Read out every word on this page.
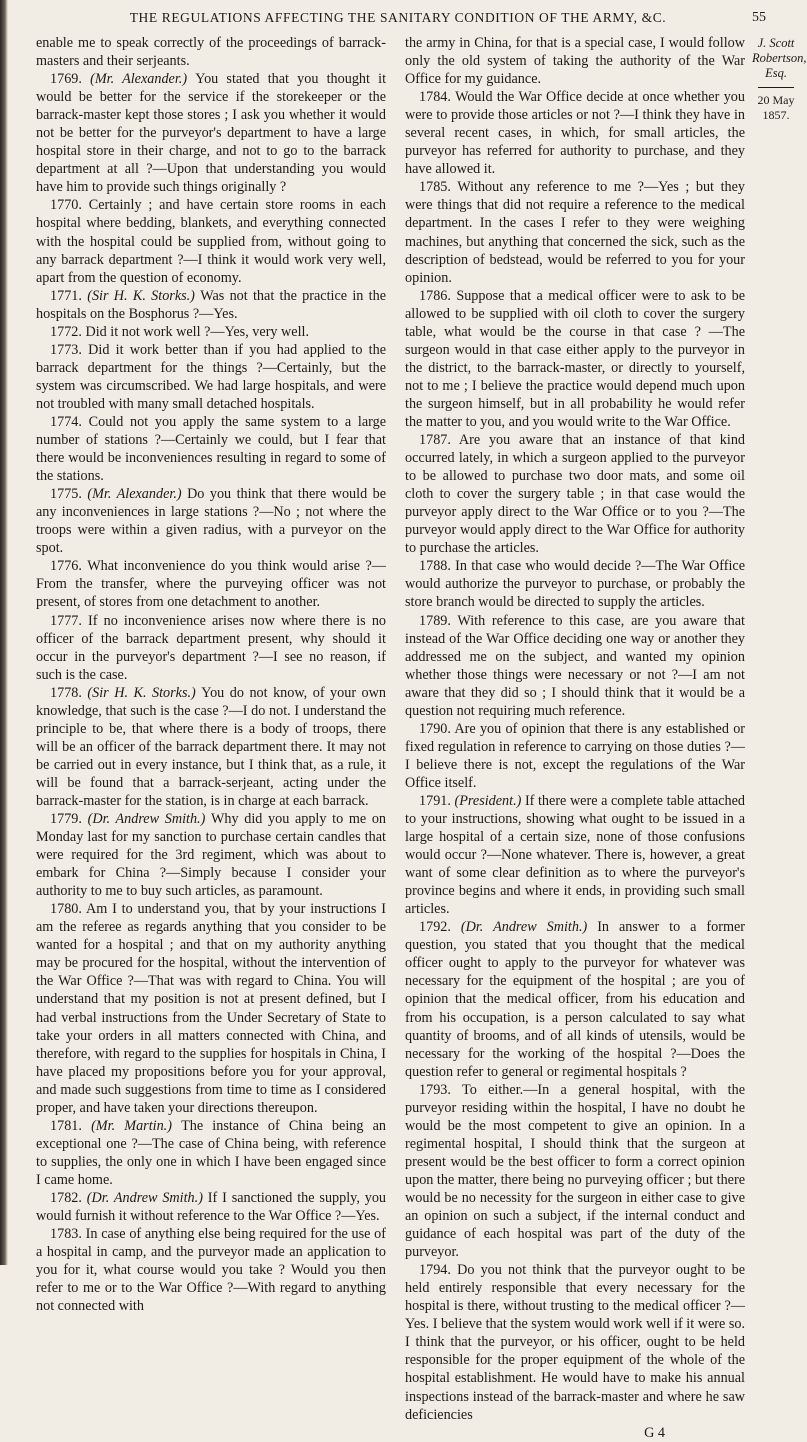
THE REGULATIONS AFFECTING THE SANITARY CONDITION OF THE ARMY, &C.	55

enable me to speak correctly of the proceedings of barrack-masters and their serjeants.

1769. (Mr. Alexander.) You stated that you thought it would be better for the service if the storekeeper or the barrack-master kept those stores ; I ask you whether it would not be better for the purveyor's department to have a large hospital store in their charge, and not to go to the barrack department at all ?—Upon that understanding you would have him to provide such things originally ?

1770. Certainly ; and have certain store rooms in each hospital where bedding, blankets, and everything connected with the hospital could be supplied from, without going to any barrack department ?—I think it would work very well, apart from the question of economy.

1771. (Sir H. K. Storks.) Was not that the practice in the hospitals on the Bosphorus ?—Yes.

1772. Did it not work well ?—Yes, very well.

1773. Did it work better than if you had applied to the barrack department for the things ?—Certainly, but the system was circumscribed. We had large hospitals, and were not troubled with many small detached hospitals.

1774. Could not you apply the same system to a large number of stations ?—Certainly we could, but I fear that there would be inconveniences resulting in regard to some of the stations.

1775. (Mr. Alexander.) Do you think that there would be any inconveniences in large stations ?—No ; not where the troops were within a given radius, with a purveyor on the spot.

1776. What inconvenience do you think would arise ?—From the transfer, where the purveying officer was not present, of stores from one detachment to another.

1777. If no inconvenience arises now where there is no officer of the barrack department present, why should it occur in the purveyor's department ?—I see no reason, if such is the case.

1778. (Sir H. K. Storks.) You do not know, of your own knowledge, that such is the case ?—I do not. I understand the principle to be, that where there is a body of troops, there will be an officer of the barrack department there. It may not be carried out in every instance, but I think that, as a rule, it will be found that a barrack-serjeant, acting under the barrack-master for the station, is in charge at each barrack.

1779. (Dr. Andrew Smith.) Why did you apply to me on Monday last for my sanction to purchase certain candles that were required for the 3rd regiment, which was about to embark for China ?—Simply because I consider your authority to me to buy such articles, as paramount.

1780. Am I to understand you, that by your instructions I am the referee as regards anything that you consider to be wanted for a hospital ; and that on my authority anything may be procured for the hospital, without the intervention of the War Office ?—That was with regard to China. You will understand that my position is not at present defined, but I had verbal instructions from the Under Secretary of State to take your orders in all matters connected with China, and therefore, with regard to the supplies for hospitals in China, I have placed my propositions before you for your approval, and made such suggestions from time to time as I considered proper, and have taken your directions thereupon.

1781. (Mr. Martin.) The instance of China being an exceptional one ?—The case of China being, with reference to supplies, the only one in which I have been engaged since I came home.

1782. (Dr. Andrew Smith.) If I sanctioned the supply, you would furnish it without reference to the War Office ?—Yes.

1783. In case of anything else being required for the use of a hospital in camp, and the purveyor made an application to you for it, what course would you take ? Would you then refer to me or to the War Office ?—With regard to anything not connected with

the army in China, for that is a special case, I would follow only the old system of taking the authority of the War Office for my guidance.

1784. Would the War Office decide at once whether you were to provide those articles or not ?—I think they have in several recent cases, in which, for small articles, the purveyor has referred for authority to purchase, and they have allowed it.

1785. Without any reference to me ?—Yes ; but they were things that did not require a reference to the medical department. In the cases I refer to they were weighing machines, but anything that concerned the sick, such as the description of bedstead, would be referred to you for your opinion.

1786. Suppose that a medical officer were to ask to be allowed to be supplied with oil cloth to cover the surgery table, what would be the course in that case ? —The surgeon would in that case either apply to the purveyor in the district, to the barrack-master, or directly to yourself, not to me ; I believe the practice would depend much upon the surgeon himself, but in all probability he would refer the matter to you, and you would write to the War Office.

1787. Are you aware that an instance of that kind occurred lately, in which a surgeon applied to the purveyor to be allowed to purchase two door mats, and some oil cloth to cover the surgery table ; in that case would the purveyor apply direct to the War Office or to you ?—The purveyor would apply direct to the War Office for authority to purchase the articles.

1788. In that case who would decide ?—The War Office would authorize the purveyor to purchase, or probably the store branch would be directed to supply the articles.

1789. With reference to this case, are you aware that instead of the War Office deciding one way or another they addressed me on the subject, and wanted my opinion whether those things were necessary or not ?—I am not aware that they did so ; I should think that it would be a question not requiring much reference.

1790. Are you of opinion that there is any established or fixed regulation in reference to carrying on those duties ?—I believe there is not, except the regulations of the War Office itself.

1791. (President.) If there were a complete table attached to your instructions, showing what ought to be issued in a large hospital of a certain size, none of those confusions would occur ?—None whatever. There is, however, a great want of some clear definition as to where the purveyor's province begins and where it ends, in providing such small articles.

1792. (Dr. Andrew Smith.) In answer to a former question, you stated that you thought that the medical officer ought to apply to the purveyor for whatever was necessary for the equipment of the hospital ; are you of opinion that the medical officer, from his education and from his occupation, is a person calculated to say what quantity of brooms, and of all kinds of utensils, would be necessary for the working of the hospital ?—Does the question refer to general or regimental hospitals ?

1793. To either.—In a general hospital, with the purveyor residing within the hospital, I have no doubt he would be the most competent to give an opinion. In a regimental hospital, I should think that the surgeon at present would be the best officer to form a correct opinion upon the matter, there being no purveying officer ; but there would be no necessity for the surgeon in either case to give an opinion on such a subject, if the internal conduct and guidance of each hospital was part of the duty of the purveyor.

1794. Do you not think that the purveyor ought to be held entirely responsible that every necessary for the hospital is there, without trusting to the medical officer ?—Yes. I believe that the system would work well if it were so. I think that the purveyor, or his officer, ought to be held responsible for the proper equipment of the whole of the hospital establishment. He would have to make his annual inspections instead of the barrack-master and where he saw deficiencies

G 4

J. Scott Robertson, Esq.
20 May 1857.
